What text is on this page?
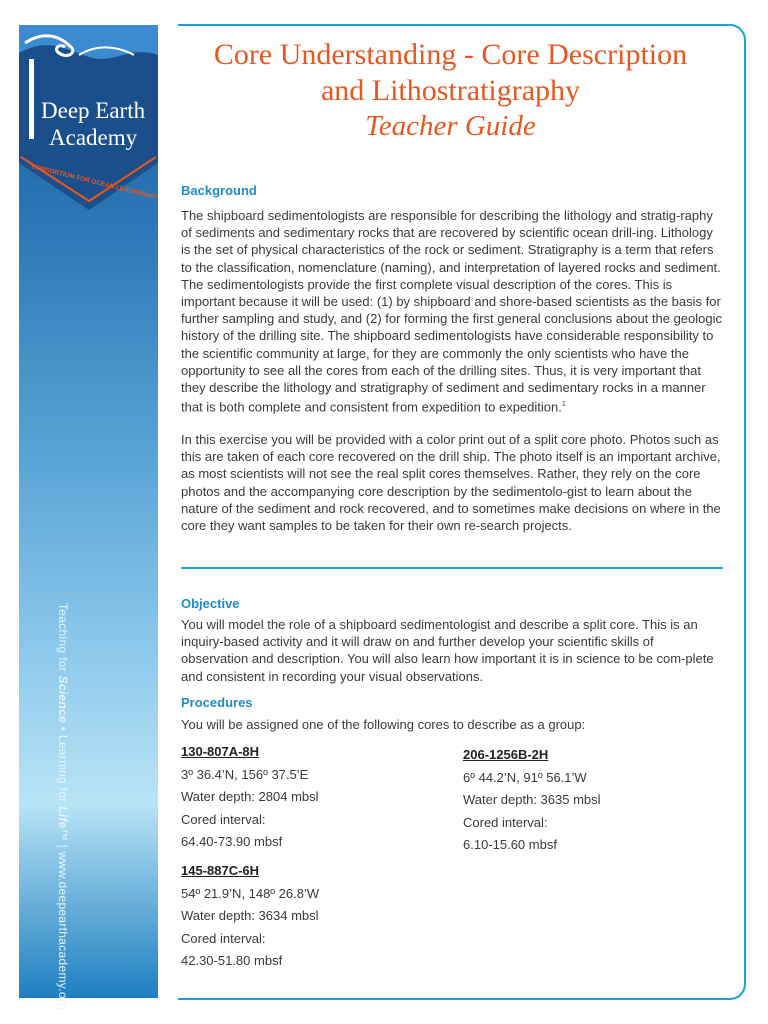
Deep Earth
Academy
CONSORTIUM FOR OCEAN LEADERSHIP
Teaching for Science • Learning for Life™ | www.deepearthacademy.org
Core Understanding - Core Description
and Lithostratigraphy
Teacher Guide
Background
The shipboard sedimentologists are responsible for describing the lithology and stratig-raphy of sediments and sedimentary rocks that are recovered by scientific ocean drill-ing. Lithology is the set of physical characteristics of the rock or sediment. Stratigraphy is a term that refers to the classification, nomenclature (naming), and interpretation of layered rocks and sediment. The sedimentologists provide the first complete visual description of the cores. This is important because it will be used: (1) by shipboard and shore-based scientists as the basis for further sampling and study, and (2) for forming the first general conclusions about the geologic history of the drilling site. The shipboard sedimentologists have considerable responsibility to the scientific community at large, for they are commonly the only scientists who have the opportunity to see all the cores from each of the drilling sites. Thus, it is very important that they describe the lithology and stratigraphy of sediment and sedimentary rocks in a manner that is both complete and consistent from expedition to expedition.$^1$
In this exercise you will be provided with a color print out of a split core photo. Photos such as this are taken of each core recovered on the drill ship. The photo itself is an important archive, as most scientists will not see the real split cores themselves. Rather, they rely on the core photos and the accompanying core description by the sedimentolo-gist to learn about the nature of the sediment and rock recovered, and to sometimes make decisions on where in the core they want samples to be taken for their own re-search projects.
Objective
You will model the role of a shipboard sedimentologist and describe a split core. This is an inquiry-based activity and it will draw on and further develop your scientific skills of observation and description. You will also learn how important it is in science to be com-plete and consistent in recording your visual observations.
Procedures
You will be assigned one of the following cores to describe as a group:
130-807A-8H
3º 36.4’N, 156º 37.5’E
Water depth: 2804 mbsl
Cored interval:
64.40-73.90 mbsf
145-887C-6H
54º 21.9’N, 148º 26.8’W
Water depth: 3634 mbsl
Cored interval:
42.30-51.80 mbsf
206-1256B-2H
6º 44.2’N, 91º 56.1’W
Water depth: 3635 mbsl
Cored interval:
6.10-15.60 mbsf
